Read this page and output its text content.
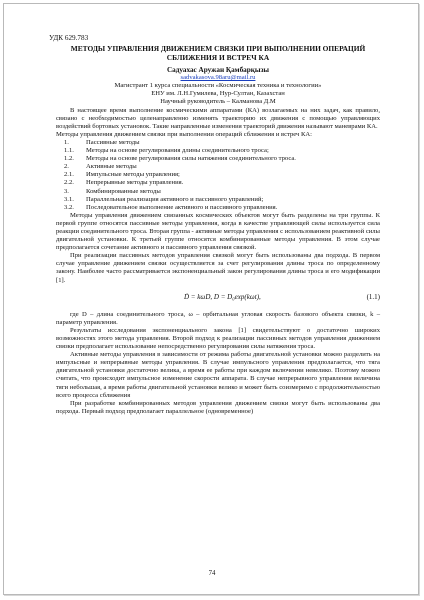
УДК 629.783
МЕТОДЫ УПРАВЛЕНИЯ ДВИЖЕНИЕМ СВЯЗКИ ПРИ ВЫПОЛНЕНИИ ОПЕРАЦИЙ СБЛИЖЕНИЯ И ВСТРЕЧ КА

Садуахас Аружан Қамбарқызы

sadvakasova.98aru@mail.ru

Магистрант 1 курса специальности «Космическая техника и технологии»

ЕНУ им. Л.Н.Гумилева, Нур-Султан, Казахстан

Научный руководитель – Калманова Д.М

В настоящее время выполнение космическими аппаратами (КА) возлагаемых на них задач, как правило, связано с необходимостью целенаправленно изменять траекторию их движения с помощью управляющих воздействий бортовых установок. Такие направленные изменения траекторий движения называют маневрами КА.

Методы управления движением связки при выполнении операций сближения и встреч КА:

1.	Пассивные методы
1.1. Методы на основе регулирования длины соединительного троса;
1.2. Методы на основе регулирования силы натяжения соединительного троса.
2.	Активные методы
2.1. Импульсные методы управления;
2.2. Непрерывные методы управления.
3.	Комбинированные методы
3.1. Параллельная реализация активного и пассивного управлений;
3.2. Последовательное выполнение активного и пассивного управления.

Методы управления движением связанных космических объектов могут быть разделены на три группы. К первой группе относятся пассивные методы управления, когда в качестве управляющей силы используется сила реакции соединительного троса. Вторая группа - активные методы управления с использованием реактивной силы двигательной установки. К третьей группе относятся комбинированные методы управления. В этом случае предполагается сочетание активного и пассивного управления связкой.

При реализации пассивных методов управления связкой могут быть использованы два подхода. В первом случае управление движением связки осуществляется за счет регулирования длины троса по определенному закону. Наиболее часто рассматривается экспоненциальный закон регулирования длины троса и его модификации [1].

Ḋ = kωD, D = D₀exp(kωt),	(1.1)

где D – длина соединительного троса, ω – орбитальная угловая скорость базового объекта связки, k – параметр управления.

Результаты исследования экспоненциального закона [1] свидетельствуют о достаточно широких возможностях этого метода управления. Второй подход к реализации пассивных методов управления движением связки предполагает использование непосредственно регулирования силы натяжения троса.

Активные методы управления в зависимости от режима работы двигательной установки можно разделить на импульсные и непрерывные методы управления. В случае импульсного управления предполагается, что тяга двигательной установки достаточно велика, а время ее работы при каждом включении невелико. Поэтому можно считать, что происходит импульсное изменение скорости аппарата. В случае непрерывного управления величина тяги небольшая, а время работы двигательной установки велико и может быть соизмеримо с продолжительностью всего процесса сближения

При разработке комбинированных методов управления движением связки могут быть использованы два подхода. Первый подход предполагает параллельное (одновременное)

74
